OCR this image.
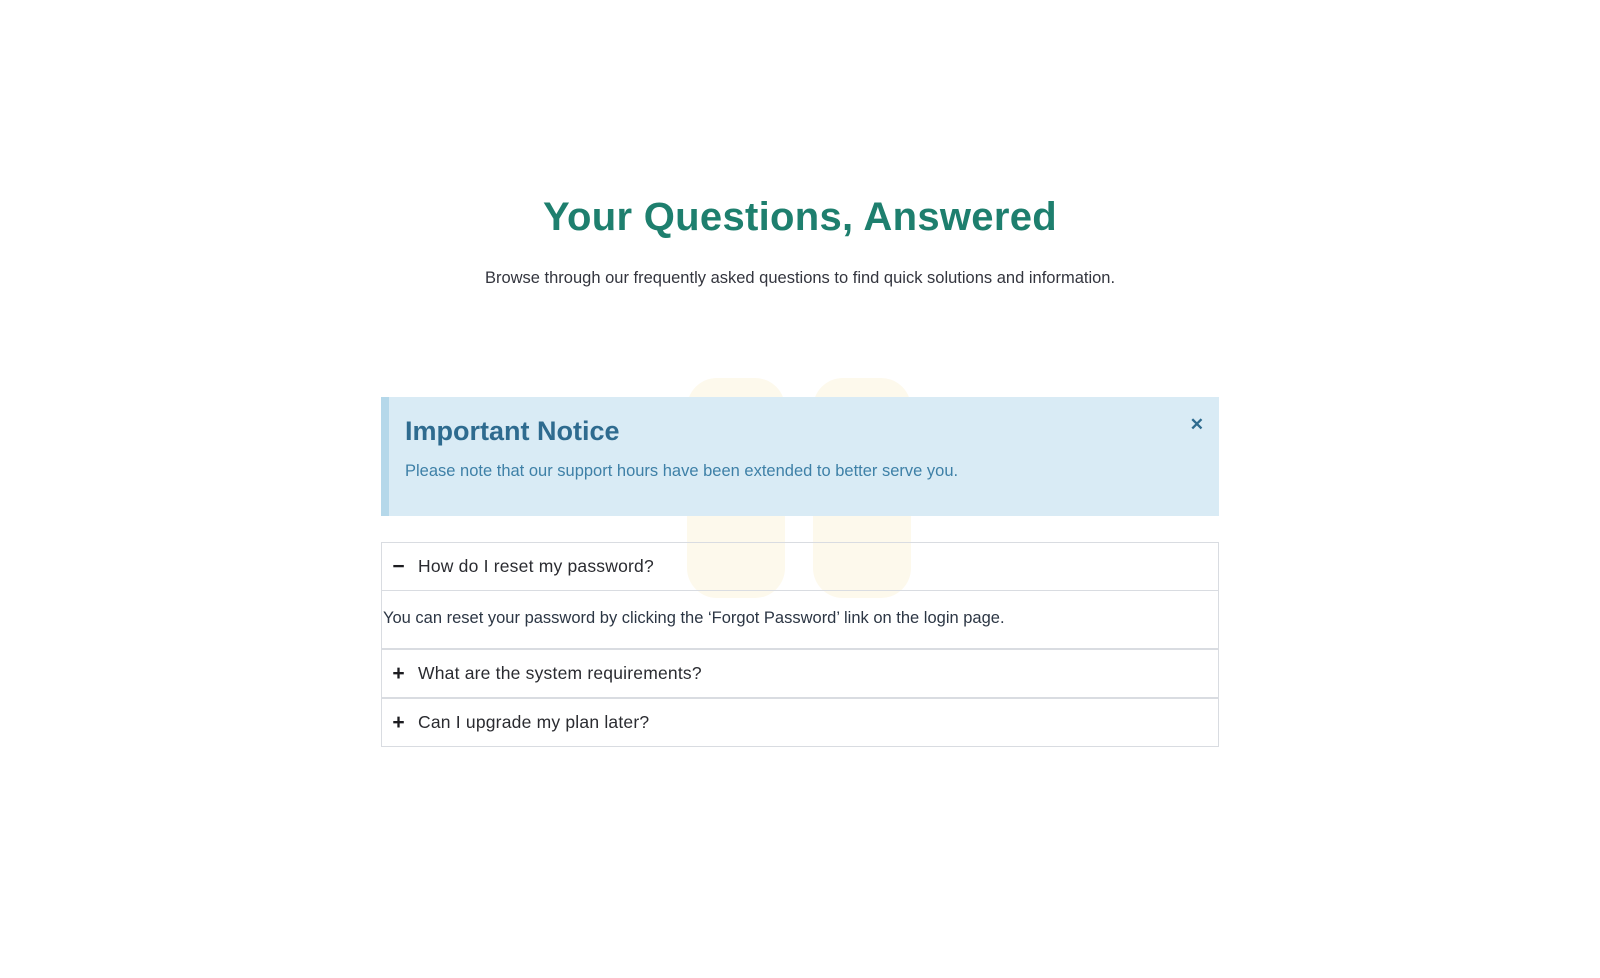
Your Questions, Answered

Browse through our frequently asked questions to find quick solutions and information.

Important Notice
Please note that our support hours have been extended to better serve you.
✕
− How do I reset my password?
You can reset your password by clicking the ‘Forgot Password’ link on the login page.
+ What are the system requirements?
+ Can I upgrade my plan later?
